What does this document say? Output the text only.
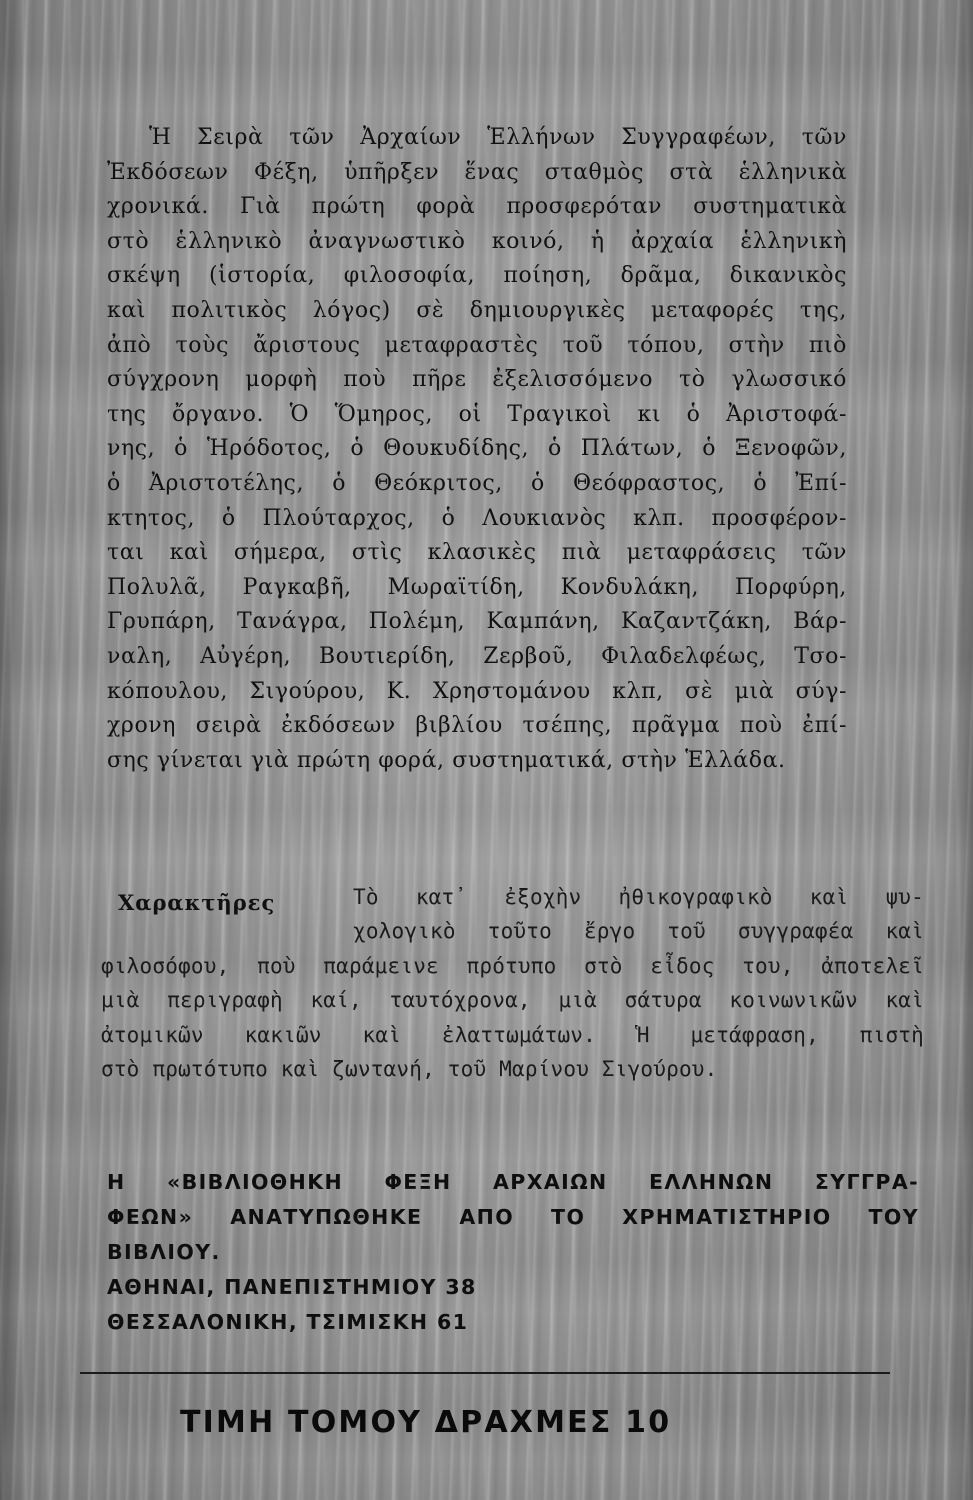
Ἡ Σειρὰ τῶν Ἀρχαίων Ἑλλήνων Συγγραφέων, τῶν
Ἐκδόσεων Φέξη, ὑπῆρξεν ἕνας σταθμὸς στὰ ἑλληνικὰ
χρονικά. Γιὰ πρώτη φορὰ προσφερόταν συστηματικὰ
στὸ ἑλληνικὸ ἀναγνωστικὸ κοινό, ἡ ἀρχαία ἑλληνικὴ
σκέψη (ἱστορία, φιλοσοφία, ποίηση, δρᾶμα, δικανικὸς
καὶ πολιτικὸς λόγος) σὲ δημιουργικὲς μεταφορές της,
ἀπὸ τοὺς ἄριστους μεταφραστὲς τοῦ τόπου, στὴν πιὸ
σύγχρονη μορφὴ ποὺ πῆρε ἐξελισσόμενο τὸ γλωσσικό
της ὄργανο. Ὁ Ὅμηρος, οἱ Τραγικοὶ κι ὁ Ἀριστοφά-
νης, ὁ Ἡρόδοτος, ὁ Θουκυδίδης, ὁ Πλάτων, ὁ Ξενοφῶν,
ὁ Ἀριστοτέλης, ὁ Θεόκριτος, ὁ Θεόφραστος, ὁ Ἐπί-
κτητος, ὁ Πλούταρχος, ὁ Λουκιανὸς κλπ. προσφέρον-
ται καὶ σήμερα, στὶς κλασικὲς πιὰ μεταφράσεις τῶν
Πολυλᾶ, Ραγκαβῆ, Μωραϊτίδη, Κονδυλάκη, Πορφύρη,
Γρυπάρη, Τανάγρα, Πολέμη, Καμπάνη, Καζαντζάκη, Βάρ-
ναλη, Αὐγέρη, Βουτιερίδη, Ζερβοῦ, Φιλαδελφέως, Τσο-
κόπουλου, Σιγούρου, Κ. Χρηστομάνου κλπ, σὲ μιὰ σύγ-
χρονη σειρὰ ἐκδόσεων βιβλίου τσέπης, πρᾶγμα ποὺ ἐπί-
σης γίνεται γιὰ πρώτη φορά, συστηματικά, στὴν Ἑλλάδα.
Χαρακτῆρες	Τὸ κατ᾽ ἐξοχὴν ἠθικογραφικὸ καὶ ψυ-
χολογικὸ τοῦτο ἔργο τοῦ συγγραφέα καὶ
φιλοσόφου, ποὺ παράμεινε πρότυπο στὸ εἶδος του, ἀποτελεῖ
μιὰ περιγραφὴ καί, ταυτόχρονα, μιὰ σάτυρα κοινωνικῶν καὶ
ἀτομικῶν κακιῶν καὶ ἐλαττωμάτων. Ἡ μετάφραση, πιστὴ
στὸ πρωτότυπο καὶ ζωντανή, τοῦ Μαρίνου Σιγούρου.
Η «ΒΙΒΛΙΟΘΗΚΗ ΦΕΞΗ ΑΡΧΑΙΩΝ ΕΛΛΗΝΩΝ ΣΥΓΓΡΑ-
ΦΕΩΝ» ΑΝΑΤΥΠΩΘΗΚΕ ΑΠΟ ΤΟ ΧΡΗΜΑΤΙΣΤΗΡΙΟ ΤΟΥ
ΒΙΒΛΙΟΥ.
ΑΘΗΝΑΙ, ΠΑΝΕΠΙΣΤΗΜΙΟΥ 38
ΘΕΣΣΑΛΟΝΙΚΗ, ΤΣΙΜΙΣΚΗ 61
ΤΙΜΗ ΤΟΜΟΥ ΔΡΑΧΜΕΣ 10
